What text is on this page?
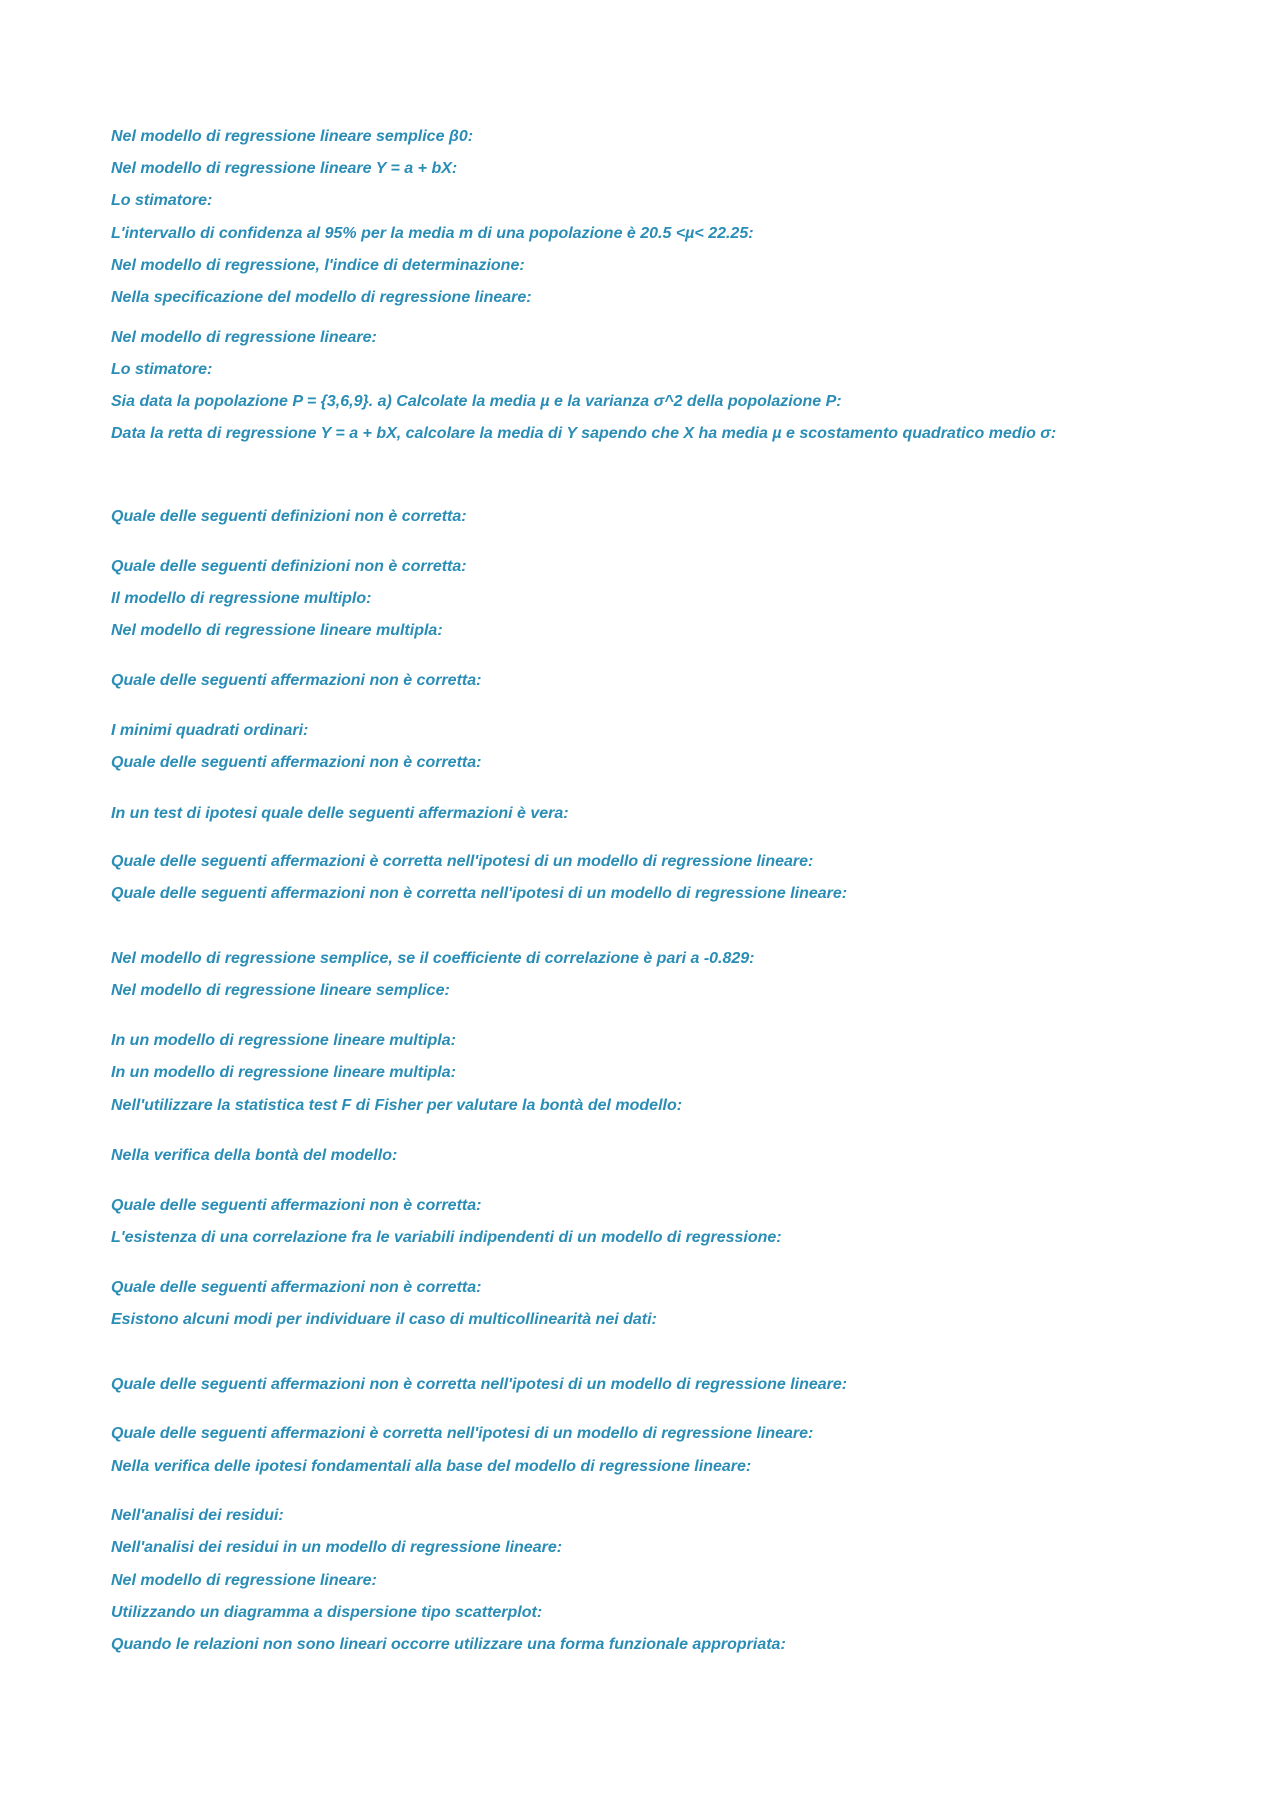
Nel modello di regressione lineare semplice β0:

Nel modello di regressione lineare Y = a + bX:

Lo stimatore:

L'intervallo di confidenza al 95% per la media m di una popolazione è 20.5 <µ< 22.25:

Nel modello di regressione, l'indice di determinazione:

Nella specificazione del modello di regressione lineare:

Nel modello di regressione lineare:

Lo stimatore:

Sia data la popolazione P = {3,6,9}. a) Calcolate la media µ e la varianza σ^2 della popolazione P:

Data la retta di regressione Y = a + bX, calcolare la media di Y sapendo che X ha media µ e scostamento quadratico medio σ:

Quale delle seguenti definizioni non è corretta:

Quale delle seguenti definizioni non è corretta:

Il modello di regressione multiplo:

Nel modello di regressione lineare multipla:

Quale delle seguenti affermazioni non è corretta:

I minimi quadrati ordinari:

Quale delle seguenti affermazioni non è corretta:

In un test di ipotesi quale delle seguenti affermazioni è vera:

Quale delle seguenti affermazioni è corretta nell'ipotesi di un modello di regressione lineare:

Quale delle seguenti affermazioni non è corretta nell'ipotesi di un modello di regressione lineare:

Nel modello di regressione semplice, se il coefficiente di correlazione è pari a -0.829:

Nel modello di regressione lineare semplice:

In un modello di regressione lineare multipla:

In un modello di regressione lineare multipla:

Nell'utilizzare la statistica test F di Fisher per valutare la bontà del modello:

Nella verifica della bontà del modello:

Quale delle seguenti affermazioni non è corretta:

L'esistenza di una correlazione fra le variabili indipendenti di un modello di regressione:

Quale delle seguenti affermazioni non è corretta:

Esistono alcuni modi per individuare il caso di multicollinearità nei dati:

Quale delle seguenti affermazioni non è corretta nell'ipotesi di un modello di regressione lineare:

Quale delle seguenti affermazioni è corretta nell'ipotesi di un modello di regressione lineare:

Nella verifica delle ipotesi fondamentali alla base del modello di regressione lineare:

Nell'analisi dei residui:

Nell'analisi dei residui in un modello di regressione lineare:

Nel modello di regressione lineare:

Utilizzando un diagramma a dispersione tipo scatterplot:

Quando le relazioni non sono lineari occorre utilizzare una forma funzionale appropriata:
